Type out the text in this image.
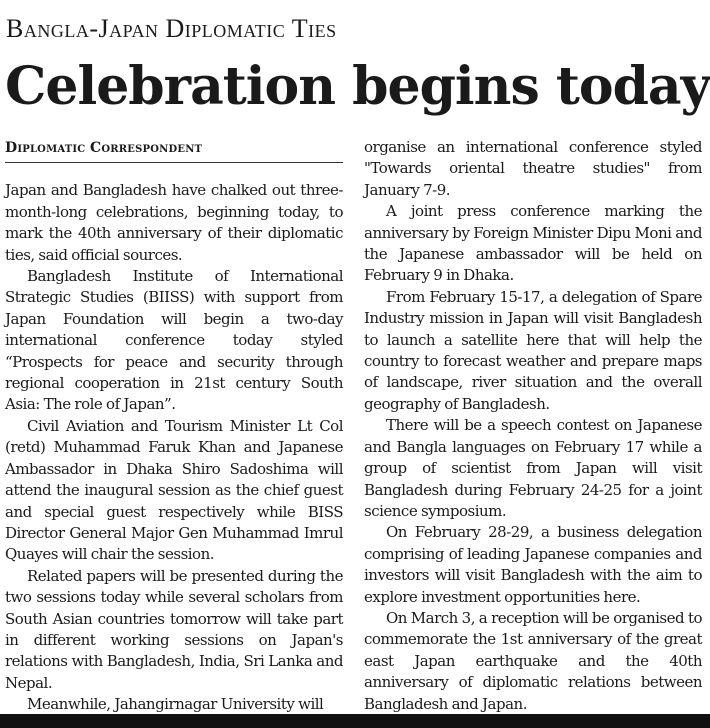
Bangla-Japan Diplomatic Ties
Celebration begins today
Diplomatic Correspondent

Japan and Bangladesh have chalked out three-month-long celebrations, beginning today, to mark the 40th anniversary of their diplomatic ties, said official sources.

Bangladesh Institute of International Strategic Studies (BIISS) with support from Japan Foundation will begin a two-day international conference today styled “Prospects for peace and security through regional cooperation in 21st century South Asia: The role of Japan”.

Civil Aviation and Tourism Minister Lt Col (retd) Muhammad Faruk Khan and Japanese Ambassador in Dhaka Shiro Sadoshima will attend the inaugural session as the chief guest and special guest respectively while BISS Director General Major Gen Muhammad Imrul Quayes will chair the session.

Related papers will be presented during the two sessions today while several scholars from South Asian countries tomorrow will take part in different working sessions on Japan's relations with Bangladesh, India, Sri Lanka and Nepal.

Meanwhile, Jahangirnagar University will

organise an international conference styled "Towards oriental theatre studies" from January 7-9.

A joint press conference marking the anniversary by Foreign Minister Dipu Moni and the Japanese ambassador will be held on February 9 in Dhaka.

From February 15-17, a delegation of Spare Industry mission in Japan will visit Bangladesh to launch a satellite here that will help the country to forecast weather and prepare maps of landscape, river situation and the overall geography of Bangladesh.

There will be a speech contest on Japanese and Bangla languages on February 17 while a group of scientist from Japan will visit Bangladesh during February 24-25 for a joint science symposium.

On February 28-29, a business delegation comprising of leading Japanese companies and investors will visit Bangladesh with the aim to explore investment opportunities here.

On March 3, a reception will be organised to commemorate the 1st anniversary of the great east Japan earthquake and the 40th anniversary of diplomatic relations between Bangladesh and Japan.
